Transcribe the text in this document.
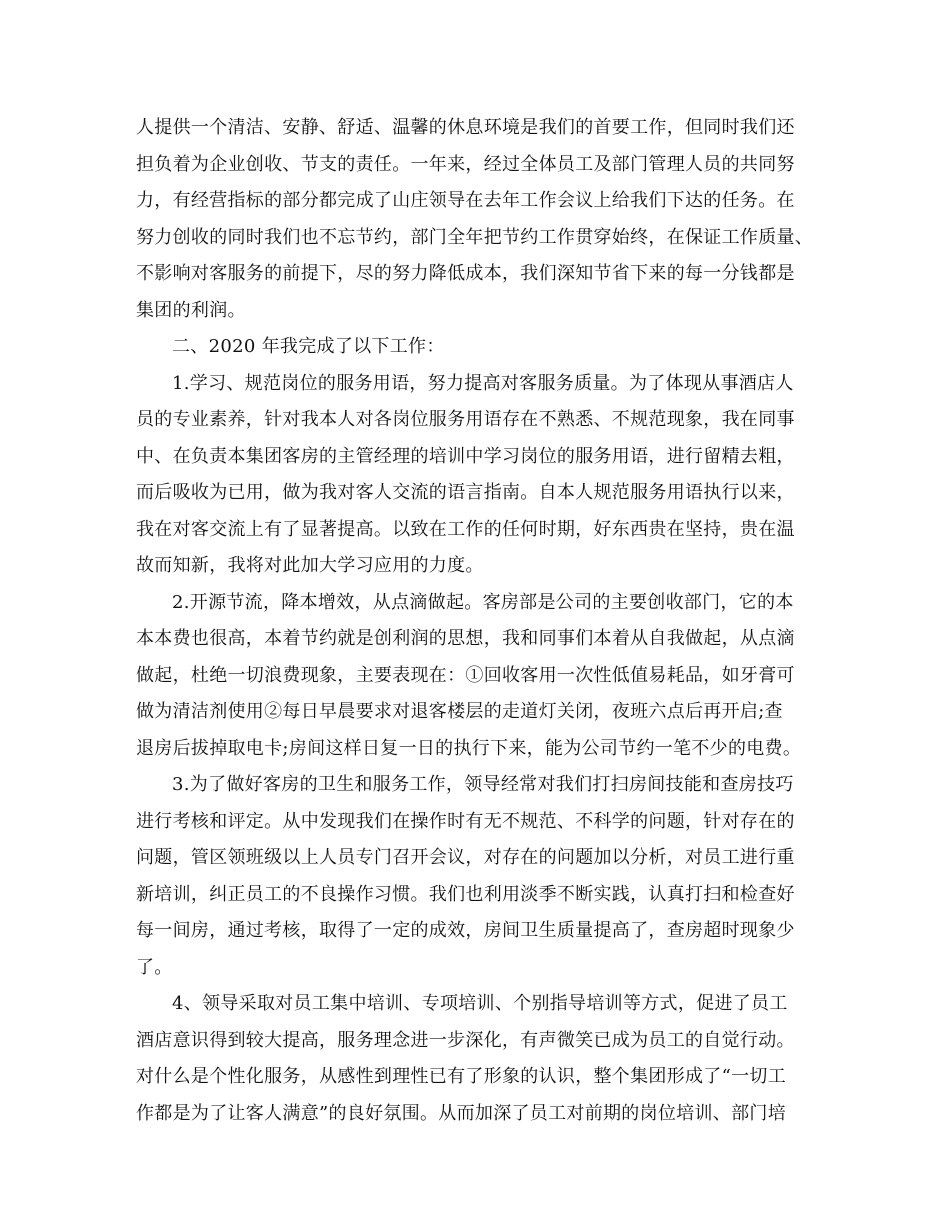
人提供一个清洁、安静、舒适、温馨的休息环境是我们的首要工作，但同时我们还
担负着为企业创收、节支的责任。一年来，经过全体员工及部门管理人员的共同努
力，有经营指标的部分都完成了山庄领导在去年工作会议上给我们下达的任务。在
努力创收的同时我们也不忘节约，部门全年把节约工作贯穿始终，在保证工作质量、
不影响对客服务的前提下，尽的努力降低成本，我们深知节省下来的每一分钱都是
集团的利润。
二、2020 年我完成了以下工作：
1.学习、规范岗位的服务用语，努力提高对客服务质量。为了体现从事酒店人
员的专业素养，针对我本人对各岗位服务用语存在不熟悉、不规范现象，我在同事
中、在负责本集团客房的主管经理的培训中学习岗位的服务用语，进行留精去粗，
而后吸收为已用，做为我对客人交流的语言指南。自本人规范服务用语执行以来，
我在对客交流上有了显著提高。以致在工作的任何时期，好东西贵在坚持，贵在温
故而知新，我将对此加大学习应用的力度。
2.开源节流，降本增效，从点滴做起。客房部是公司的主要创收部门，它的本
本本费也很高，本着节约就是创利润的思想，我和同事们本着从自我做起，从点滴
做起，杜绝一切浪费现象，主要表现在：①回收客用一次性低值易耗品，如牙膏可
做为清洁剂使用②每日早晨要求对退客楼层的走道灯关闭，夜班六点后再开启;查
退房后拔掉取电卡;房间这样日复一日的执行下来，能为公司节约一笔不少的电费。
3.为了做好客房的卫生和服务工作，领导经常对我们打扫房间技能和查房技巧
进行考核和评定。从中发现我们在操作时有无不规范、不科学的问题，针对存在的
问题，管区领班级以上人员专门召开会议，对存在的问题加以分析，对员工进行重
新培训，纠正员工的不良操作习惯。我们也利用淡季不断实践，认真打扫和检查好
每一间房，通过考核，取得了一定的成效，房间卫生质量提高了，查房超时现象少
了。
4、领导采取对员工集中培训、专项培训、个别指导培训等方式，促进了员工
酒店意识得到较大提高，服务理念进一步深化，有声微笑已成为员工的自觉行动。
对什么是个性化服务，从感性到理性已有了形象的认识，整个集团形成了“一切工
作都是为了让客人满意”的良好氛围。从而加深了员工对前期的岗位培训、部门培
